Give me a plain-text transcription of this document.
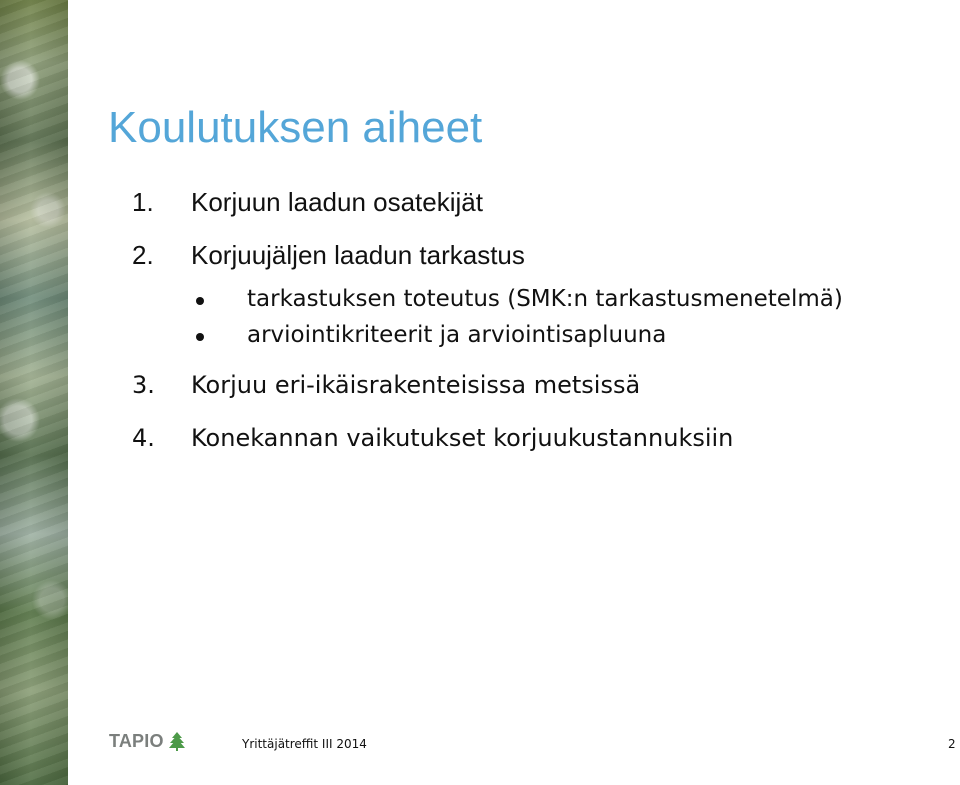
Koulutuksen aiheet
1. Korjuun laadun osatekijät
2. Korjuujäljen laadun tarkastus
tarkastuksen toteutus (SMK:n tarkastusmenetelmä)
arviointikriteerit ja arviointisapluuna
3. Korjuu eri-ikäisrakenteisissa metsissä
4. Konekannan vaikutukset korjuukustannuksiin
TAPIO	Yrittäjätreffit III 2014	2
